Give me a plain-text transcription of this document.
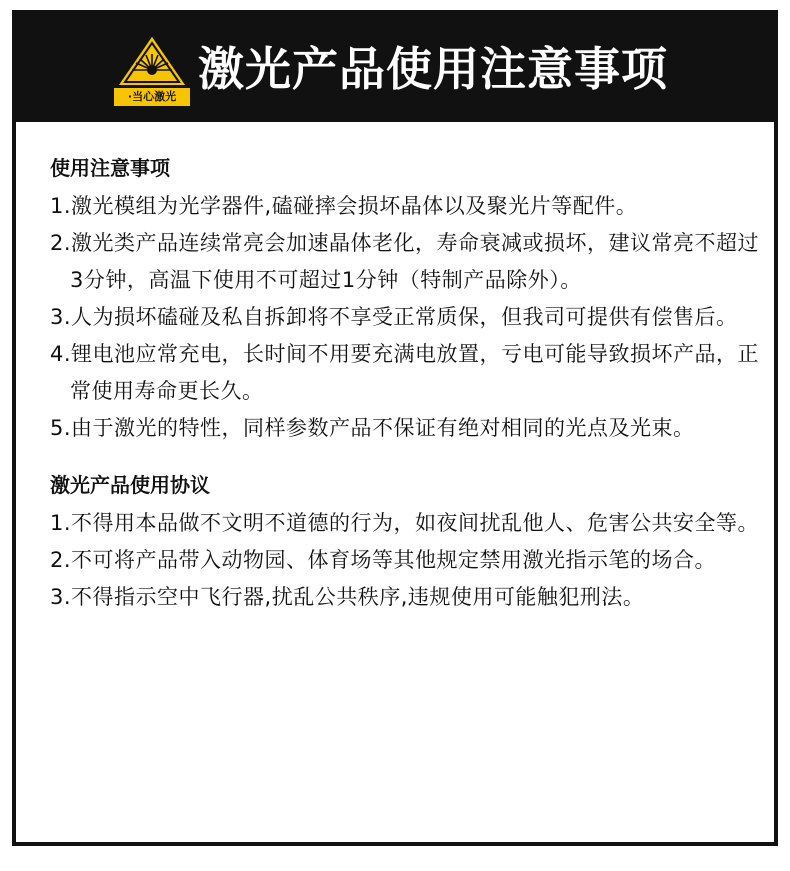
·当心激光
激光产品使用注意事项
使用注意事项

1.激光模组为光学器件,磕碰摔会损坏晶体以及聚光片等配件。

2.激光类产品连续常亮会加速晶体老化，寿命衰减或损坏，建议常亮不超过3分钟，高温下使用不可超过1分钟（特制产品除外）。

3.人为损坏磕碰及私自拆卸将不享受正常质保，但我司可提供有偿售后。

4.锂电池应常充电，长时间不用要充满电放置，亏电可能导致损坏产品，正常使用寿命更长久。

5.由于激光的特性，同样参数产品不保证有绝对相同的光点及光束。

激光产品使用协议

1.不得用本品做不文明不道德的行为，如夜间扰乱他人、危害公共安全等。

2.不可将产品带入动物园、体育场等其他规定禁用激光指示笔的场合。

3.不得指示空中飞行器,扰乱公共秩序,违规使用可能触犯刑法。
